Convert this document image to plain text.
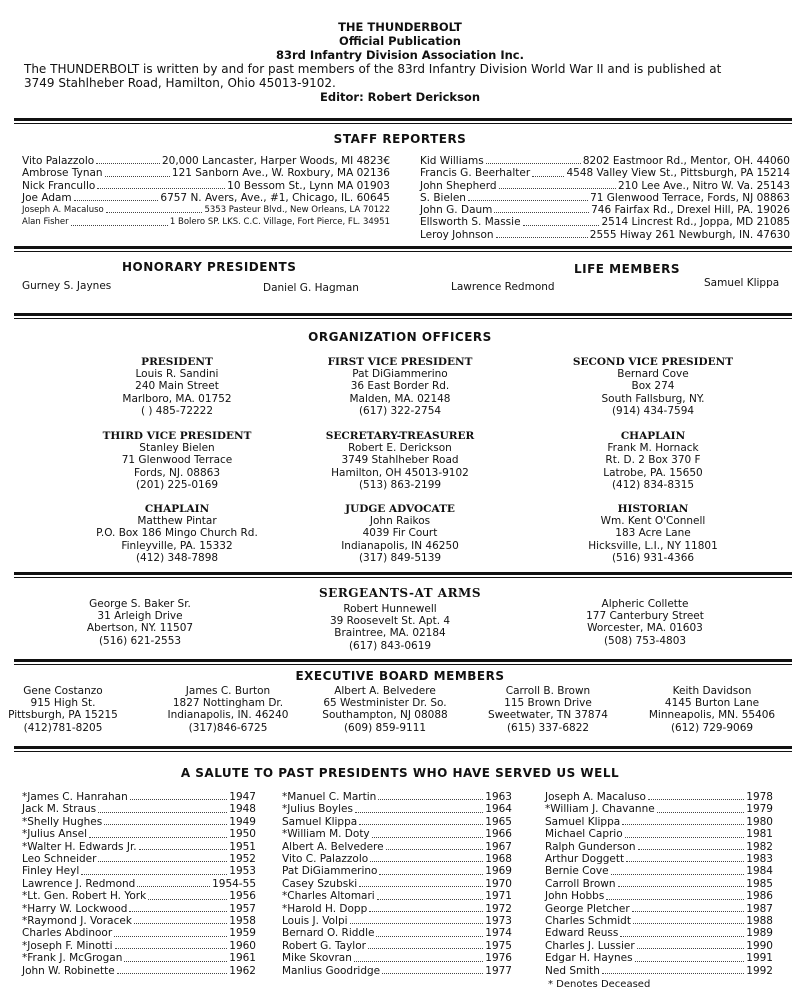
THE THUNDERBOLT
Official Publication
83rd Infantry Division Association Inc.
The THUNDERBOLT is written by and for past members of the 83rd Infantry Division World War II and is published at
3749 Stahlheber Road, Hamilton, Ohio 45013-9102.
Editor: Robert Derickson
STAFF REPORTERS
Vito Palazzolo	20,000 Lancaster, Harper Woods, MI 4823€
Ambrose Tynan	121 Sanborn Ave., W. Roxbury, MA 02136
Nick Francullo	10 Bessom St., Lynn MA 01903
Joe Adam	6757 N. Avers, Ave., #1, Chicago, IL. 60645
Joseph A. Macaluso	5353 Pasteur Blvd., New Orleans, LA 70122
Alan Fisher	1 Bolero SP. LKS. C.C. Village, Fort Pierce, FL. 34951
Kid Williams	8202 Eastmoor Rd., Mentor, OH. 44060
Francis G. Beerhalter	4548 Valley View St., Pittsburgh, PA 15214
John Shepherd	210 Lee Ave., Nitro W. Va. 25143
S. Bielen	71 Glenwood Terrace, Fords, NJ 08863
John G. Daum	746 Fairfax Rd., Drexel Hill, PA. 19026
Ellsworth S. Massie	2514 Lincrest Rd., Joppa, MD 21085
Leroy Johnson	2555 Hiway 261 Newburgh, IN. 47630
HONORARY PRESIDENTS	LIFE MEMBERS
Gurney S. Jaynes	Daniel G. Hagman	Lawrence Redmond	Samuel Klippa
ORGANIZATION OFFICERS
PRESIDENT
Louis R. Sandini
240 Main Street
Marlboro, MA. 01752
( ) 485-72222
FIRST VICE PRESIDENT
Pat DiGiammerino
36 East Border Rd.
Malden, MA. 02148
(617) 322-2754
SECOND VICE PRESIDENT
Bernard Cove
Box 274
South Fallsburg, NY.
(914) 434-7594
THIRD VICE PRESIDENT
Stanley Bielen
71 Glenwood Terrace
Fords, NJ. 08863
(201) 225-0169
SECRETARY-TREASURER
Robert E. Derickson
3749 Stahlheber Road
Hamilton, OH 45013-9102
(513) 863-2199
CHAPLAIN
Frank M. Hornack
Rt. D. 2 Box 370 F
Latrobe, PA. 15650
(412) 834-8315
CHAPLAIN
Matthew Pintar
P.O. Box 186 Mingo Church Rd.
Finleyville, PA. 15332
(412) 348-7898
JUDGE ADVOCATE
John Raikos
4039 Fir Court
Indianapolis, IN 46250
(317) 849-5139
HISTORIAN
Wm. Kent O'Connell
183 Acre Lane
Hicksville, L.I., NY 11801
(516) 931-4366
SERGEANTS-AT ARMS
George S. Baker Sr.
31 Arleigh Drive
Abertson, NY. 11507
(516) 621-2553
Robert Hunnewell
39 Roosevelt St. Apt. 4
Braintree, MA. 02184
(617) 843-0619
Alpheric Collette
177 Canterbury Street
Worcester, MA. 01603
(508) 753-4803
EXECUTIVE BOARD MEMBERS
Gene Costanzo
915 High St.
Pittsburgh, PA 15215
(412)781-8205
James C. Burton
1827 Nottingham Dr.
Indianapolis, IN. 46240
(317)846-6725
Albert A. Belvedere
65 Westminister Dr. So.
Southampton, NJ 08088
(609) 859-9111
Carroll B. Brown
115 Brown Drive
Sweetwater, TN 37874
(615) 337-6822
Keith Davidson
4145 Burton Lane
Minneapolis, MN. 55406
(612) 729-9069
A SALUTE TO PAST PRESIDENTS WHO HAVE SERVED US WELL
*James C. Hanrahan	1947
Jack M. Straus	1948
*Shelly Hughes	1949
*Julius Ansel	1950
*Walter H. Edwards Jr.	1951
Leo Schneider	1952
Finley Heyl	1953
Lawrence J. Redmond	1954-55
*Lt. Gen. Robert H. York	1956
*Harry W. Lockwood	1957
*Raymond J. Voracek	1958
Charles Abdinoor	1959
*Joseph F. Minotti	1960
*Frank J. McGrogan	1961
John W. Robinette	1962
*Manuel C. Martin	1963
*Julius Boyles	1964
Samuel Klippa	1965
*William M. Doty	1966
Albert A. Belvedere	1967
Vito C. Palazzolo	1968
Pat DiGiammerino	1969
Casey Szubski	1970
*Charles Altomari	1971
*Harold H. Dopp	1972
Louis J. Volpi	1973
Bernard O. Riddle	1974
Robert G. Taylor	1975
Mike Skovran	1976
Manlius Goodridge	1977
Joseph A. Macaluso	1978
*William J. Chavanne	1979
Samuel Klippa	1980
Michael Caprio	1981
Ralph Gunderson	1982
Arthur Doggett	1983
Bernie Cove	1984
Carroll Brown	1985
John Hobbs	1986
George Pletcher	1987
Charles Schmidt	1988
Edward Reuss	1989
Charles J. Lussier	1990
Edgar H. Haynes	1991
Ned Smith	1992
* Denotes Deceased
